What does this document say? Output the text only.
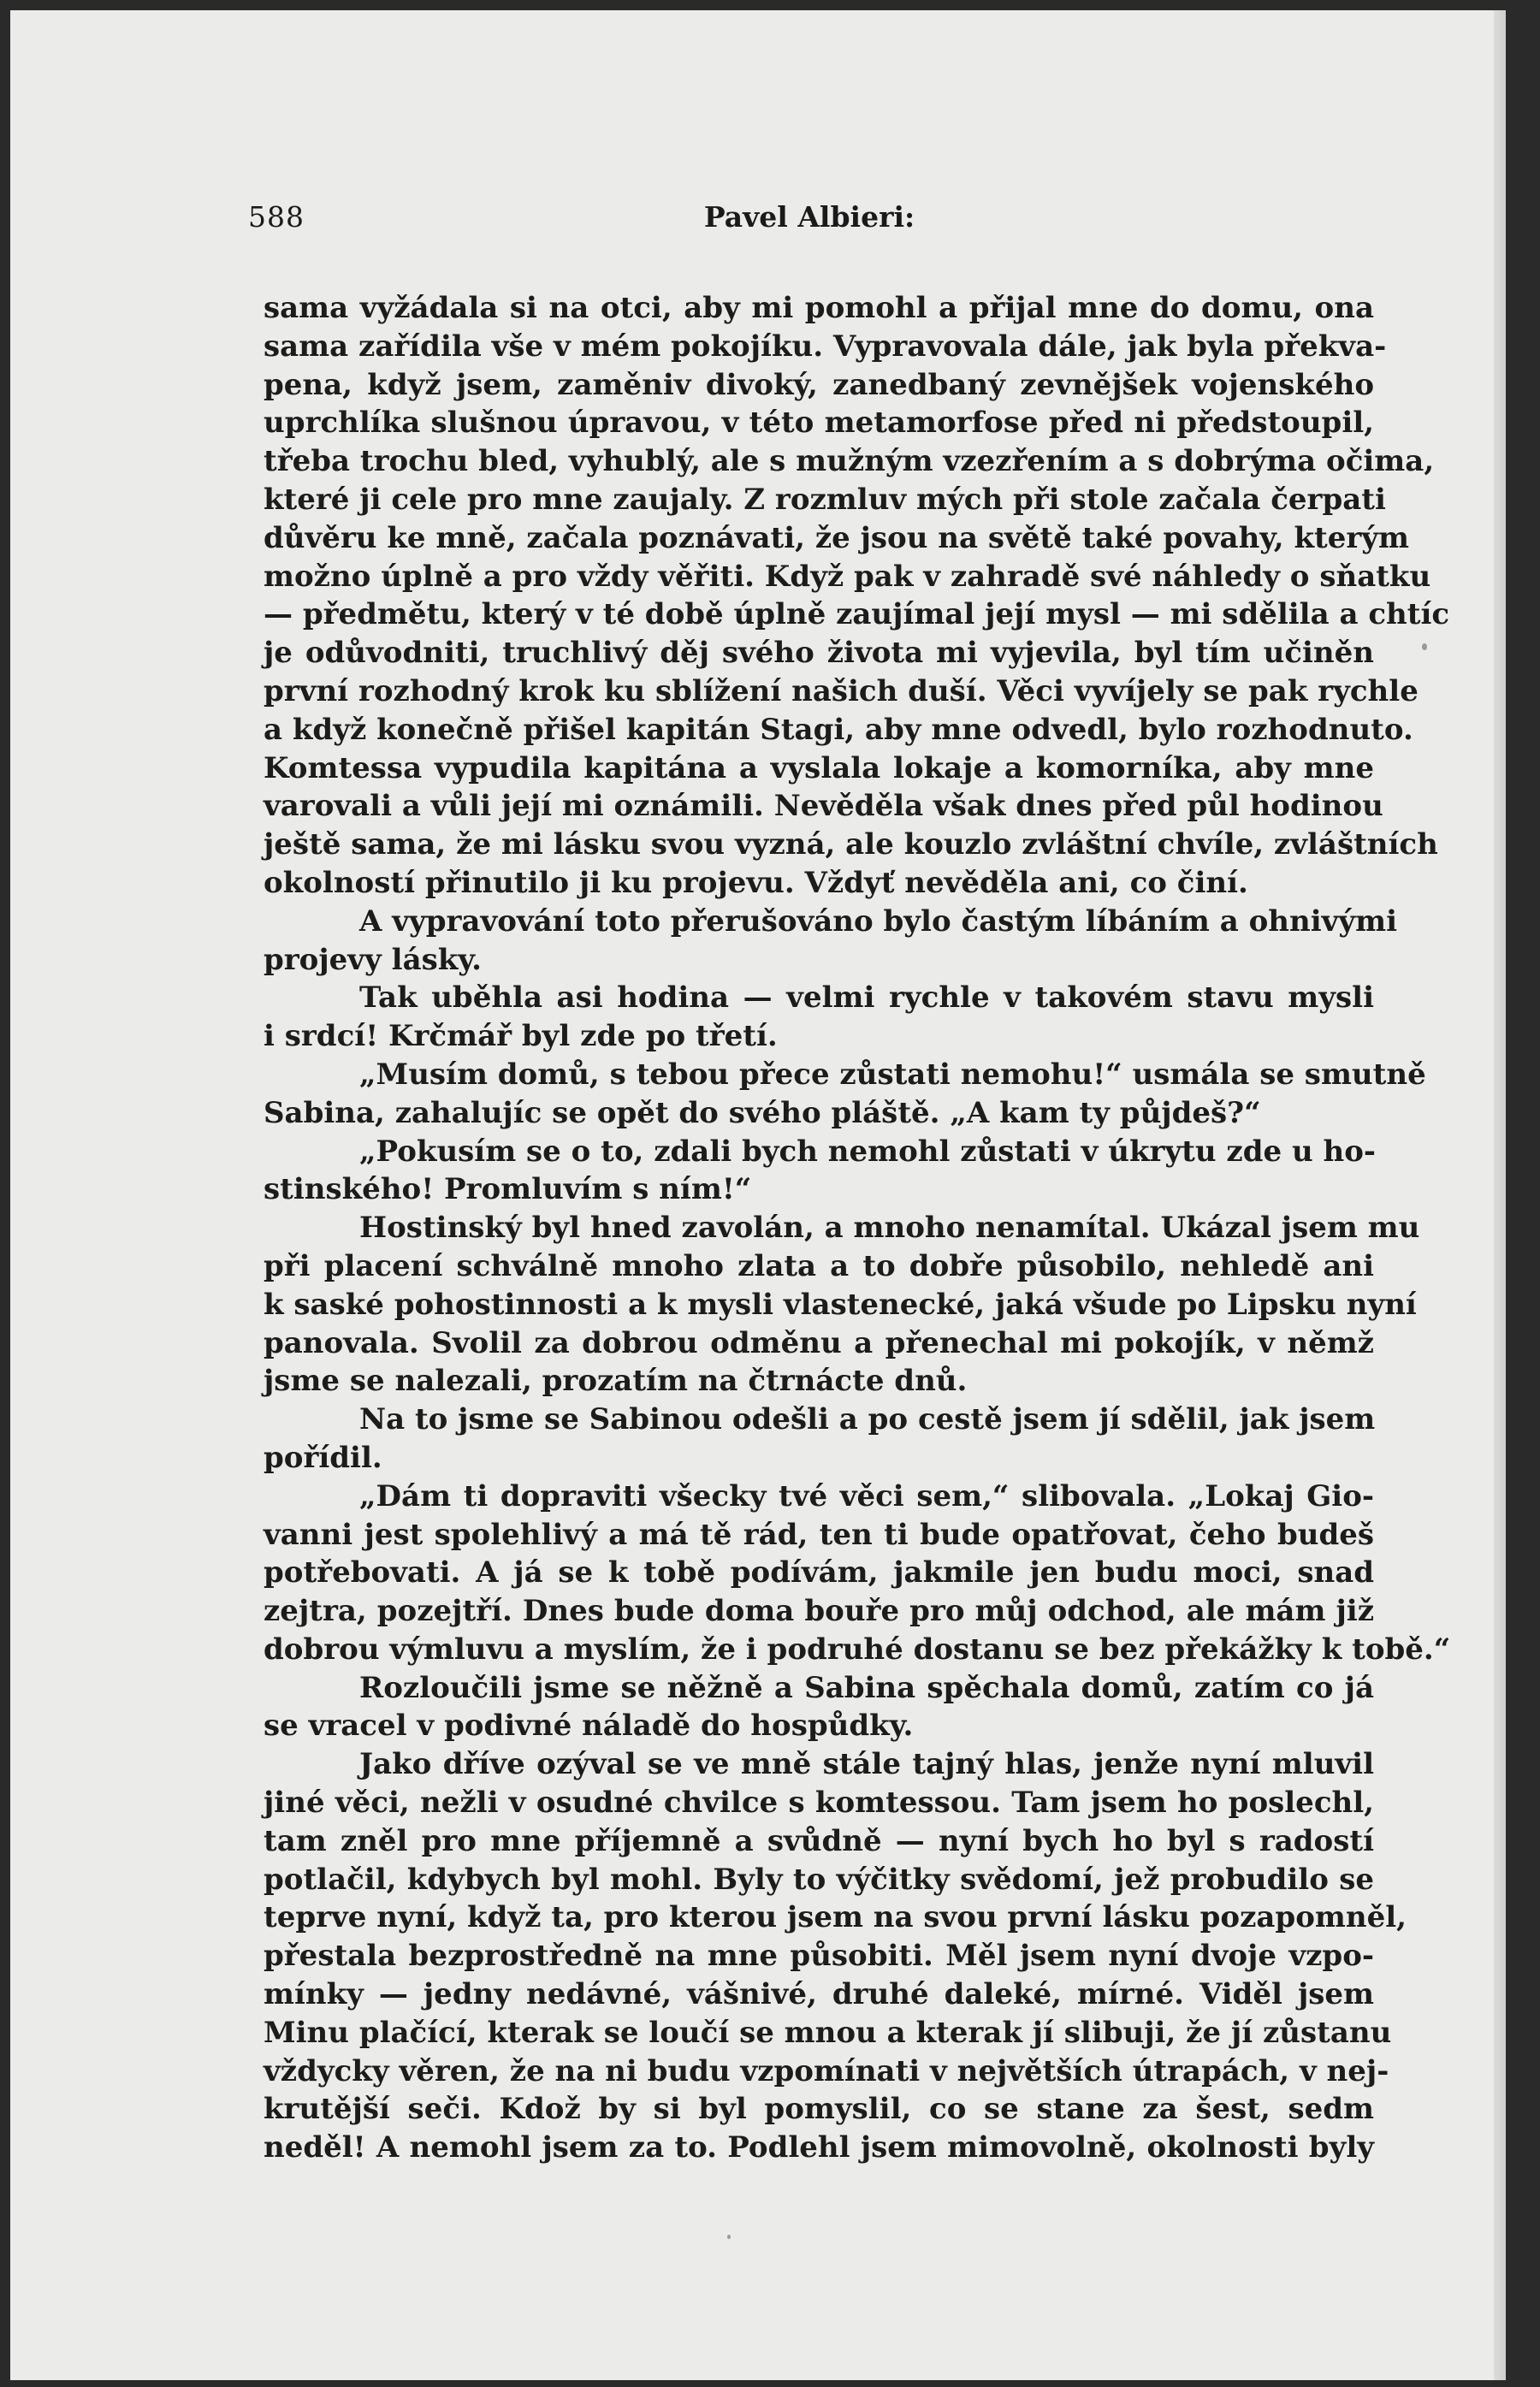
588	Pavel Albieri:
sama vyžádala si na otci, aby mi pomohl a přijal mne do domu, ona
sama zařídila vše v mém pokojíku. Vypravovala dále, jak byla překva-
pena, když jsem, zaměniv divoký, zanedbaný zevnějšek vojenského
uprchlíka slušnou úpravou, v této metamorfose před ni předstoupil,
třeba trochu bled, vyhublý, ale s mužným vzezřením a s dobrýma očima,
které ji cele pro mne zaujaly. Z rozmluv mých při stole začala čerpati
důvěru ke mně, začala poznávati, že jsou na světě také povahy, kterým
možno úplně a pro vždy věřiti. Když pak v zahradě své náhledy o sňatku
— předmětu, který v té době úplně zaujímal její mysl — mi sdělila a chtíc
je odůvodniti, truchlivý děj svého života mi vyjevila, byl tím učiněn
první rozhodný krok ku sblížení našich duší. Věci vyvíjely se pak rychle
a když konečně přišel kapitán Stagi, aby mne odvedl, bylo rozhodnuto.
Komtessa vypudila kapitána a vyslala lokaje a komorníka, aby mne
varovali a vůli její mi oznámili. Nevěděla však dnes před půl hodinou
ještě sama, že mi lásku svou vyzná, ale kouzlo zvláštní chvíle, zvláštních
okolností přinutilo ji ku projevu. Vždyť nevěděla ani, co činí.
A vypravování toto přerušováno bylo častým líbáním a ohnivými
projevy lásky.
Tak uběhla asi hodina — velmi rychle v takovém stavu mysli
i srdcí! Krčmář byl zde po třetí.
„Musím domů, s tebou přece zůstati nemohu!“ usmála se smutně
Sabina, zahalujíc se opět do svého pláště. „A kam ty půjdeš?“
„Pokusím se o to, zdali bych nemohl zůstati v úkrytu zde u ho-
stinského! Promluvím s ním!“
Hostinský byl hned zavolán, a mnoho nenamítal. Ukázal jsem mu
při placení schválně mnoho zlata a to dobře působilo, nehledě ani
k saské pohostinnosti a k mysli vlastenecké, jaká všude po Lipsku nyní
panovala. Svolil za dobrou odměnu a přenechal mi pokojík, v němž
jsme se nalezali, prozatím na čtrnácte dnů.
Na to jsme se Sabinou odešli a po cestě jsem jí sdělil, jak jsem
pořídil.
„Dám ti dopraviti všecky tvé věci sem,“ slibovala. „Lokaj Gio-
vanni jest spolehlivý a má tě rád, ten ti bude opatřovat, čeho budeš
potřebovati. A já se k tobě podívám, jakmile jen budu moci, snad
zejtra, pozejtří. Dnes bude doma bouře pro můj odchod, ale mám již
dobrou výmluvu a myslím, že i podruhé dostanu se bez překážky k tobě.“
Rozloučili jsme se něžně a Sabina spěchala domů, zatím co já
se vracel v podivné náladě do hospůdky.
Jako dříve ozýval se ve mně stále tajný hlas, jenže nyní mluvil
jiné věci, nežli v osudné chvilce s komtessou. Tam jsem ho poslechl,
tam zněl pro mne příjemně a svůdně — nyní bych ho byl s radostí
potlačil, kdybych byl mohl. Byly to výčitky svědomí, jež probudilo se
teprve nyní, když ta, pro kterou jsem na svou první lásku pozapomněl,
přestala bezprostředně na mne působiti. Měl jsem nyní dvoje vzpo-
mínky — jedny nedávné, vášnivé, druhé daleké, mírné. Viděl jsem
Minu plačící, kterak se loučí se mnou a kterak jí slibuji, že jí zůstanu
vždycky věren, že na ni budu vzpomínati v největších útrapách, v nej-
krutější seči. Kdož by si byl pomyslil, co se stane za šest, sedm
neděl! A nemohl jsem za to. Podlehl jsem mimovolně, okolnosti byly
